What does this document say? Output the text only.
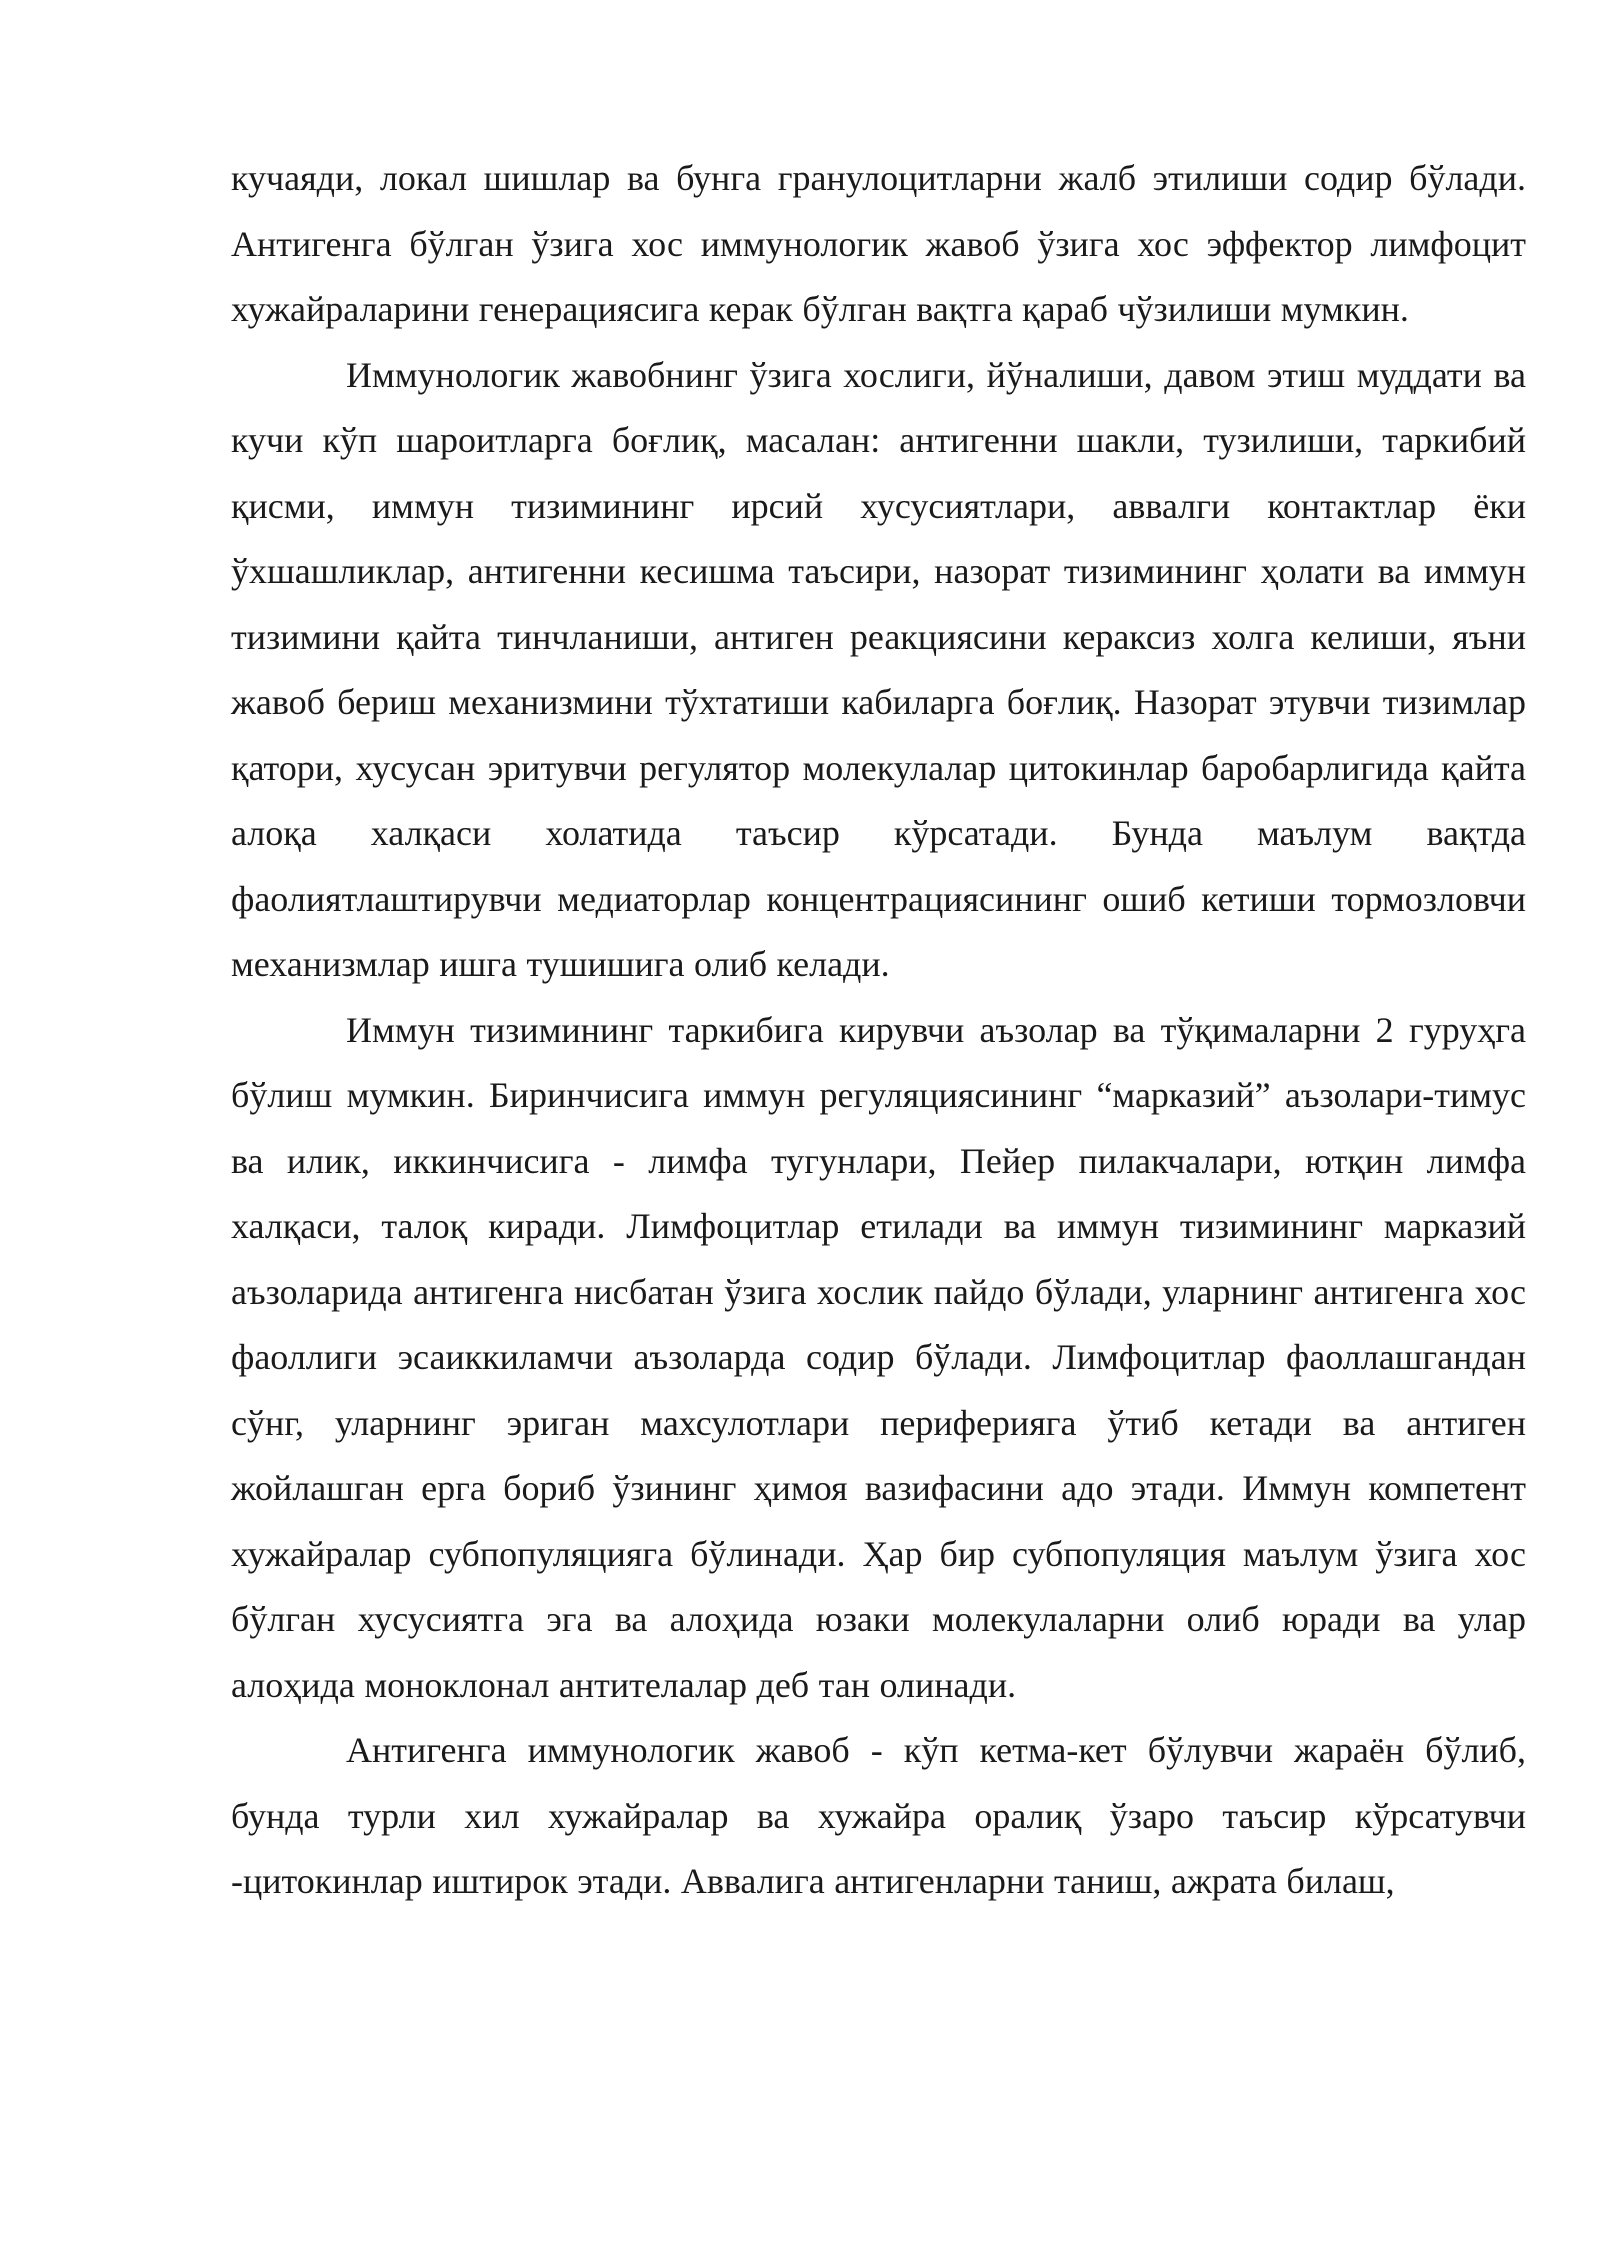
кучаяди, локал шишлар ва бунга гранулоцитларни жалб этилиши содир бўлади. Антигенга бўлган ўзига хос иммунологик жавоб ўзига хос эффектор лимфоцит хужайраларини генерациясига керак бўлган вақтга қараб чўзилиши мумкин.

Иммунологик жавобнинг ўзига хослиги, йўналиши, давом этиш муддати ва кучи кўп шароитларга боғлиқ, масалан: антигенни шакли, тузилиши, таркибий қисми, иммун тизимининг ирсий хусусиятлари, аввалги контактлар ёки ўхшашликлар, антигенни кесишма таъсири, назорат тизимининг ҳолати ва иммун тизимини қайта тинчланиши, антиген реакциясини кераксиз холга келиши, яъни жавоб бериш механизмини тўхтатиши кабиларга боғлиқ. Назорат этувчи тизимлар қатори, хусусан эритувчи регулятор молекулалар цитокинлар баробарлигида қайта алоқа халқаси холатида таъсир кўрсатади. Бунда маълум вақтда фаолиятлаштирувчи медиаторлар концентрациясининг ошиб кетиши тормозловчи механизмлар ишга тушишига олиб келади.

Иммун тизимининг таркибига кирувчи аъзолар ва тўқималарни 2 гуруҳга бўлиш мумкин. Биринчисига иммун регуляциясининг “марказий” аъзолари-тимус ва илик, иккинчисига - лимфа тугунлари, Пейер пилакчалари, ютқин лимфа халқаси, талоқ киради. Лимфоцитлар етилади ва иммун тизимининг марказий аъзоларида антигенга нисбатан ўзига хослик пайдо бўлади, уларнинг антигенга хос фаоллиги эсаиккиламчи аъзоларда содир бўлади. Лимфоцитлар фаоллашгандан сўнг, уларнинг эриган махсулотлари периферияга ўтиб кетади ва антиген жойлашган ерга бориб ўзининг ҳимоя вазифасини адо этади. Иммун компетент хужайралар субпопуляцияга бўлинади. Ҳар бир субпопуляция маълум ўзига хос бўлган хусусиятга эга ва алоҳида юзаки молекулаларни олиб юради ва улар алоҳида моноклонал антителалар деб тан олинади.

Антигенга иммунологик жавоб - кўп кетма-кет бўлувчи жараён бўлиб, бунда турли хил хужайралар ва хужайра оралиқ ўзаро таъсир кўрсатувчи -цитокинлар иштирок этади. Аввалига антигенларни таниш, ажрата билаш,
